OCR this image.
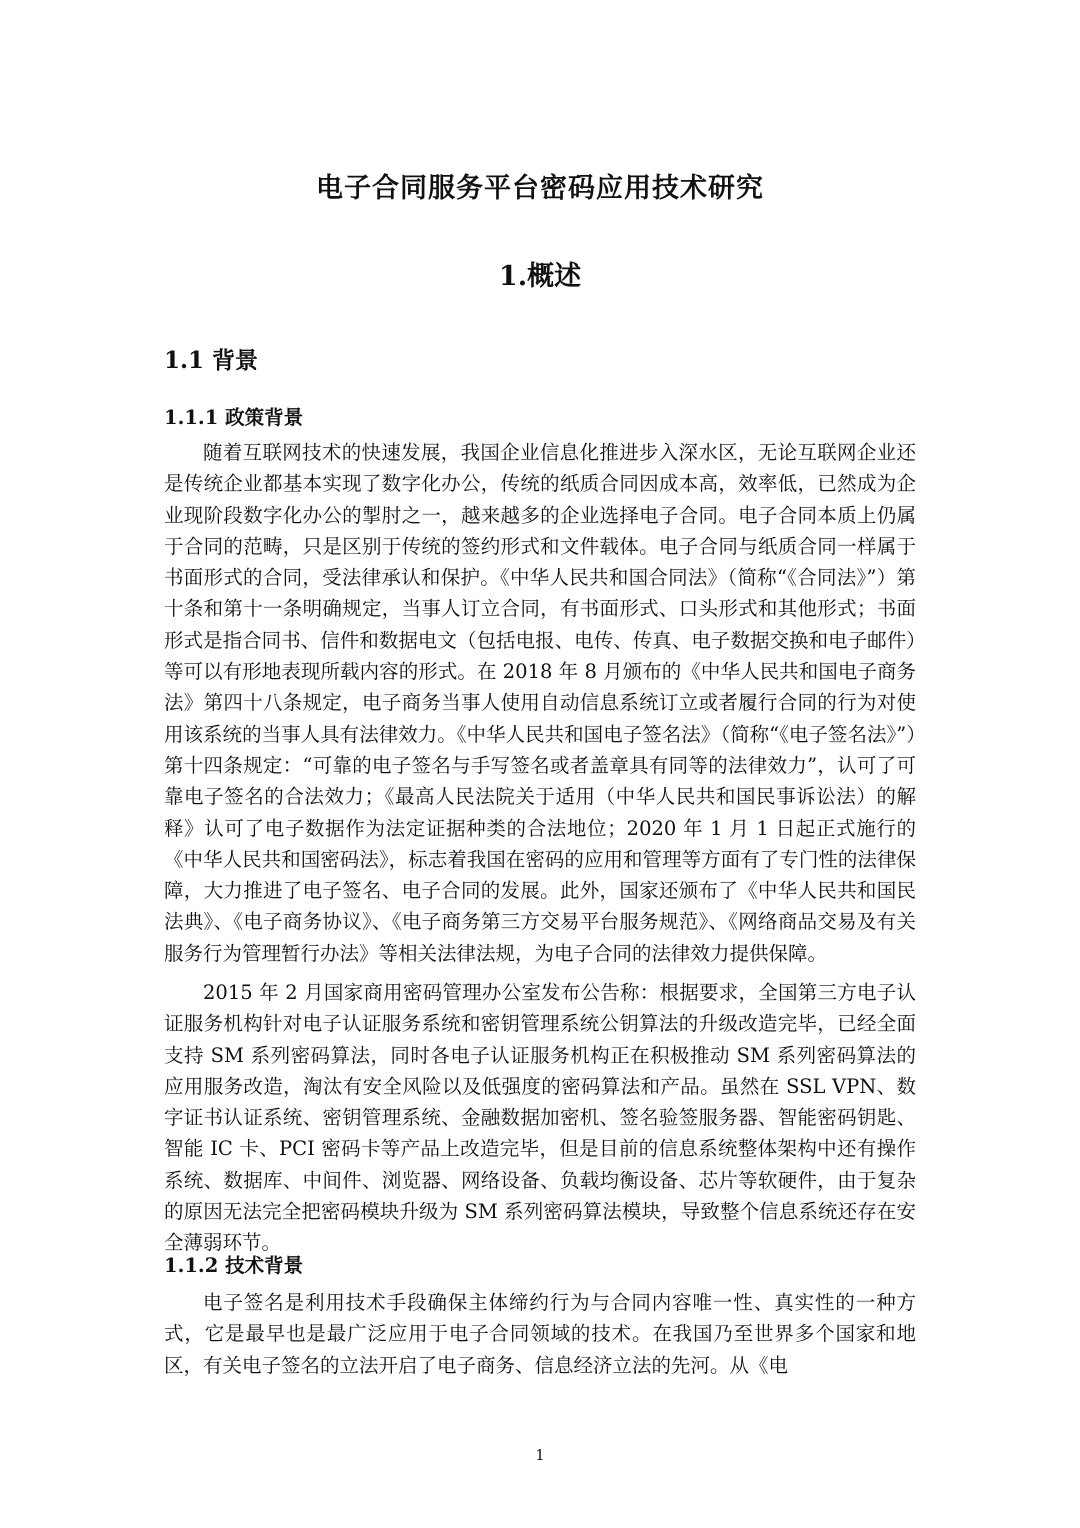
电子合同服务平台密码应用技术研究
1.概述
1.1 背景
1.1.1 政策背景

随着互联网技术的快速发展，我国企业信息化推进步入深水区，无论互联网企业还是传统企业都基本实现了数字化办公，传统的纸质合同因成本高，效率低，已然成为企业现阶段数字化办公的掣肘之一，越来越多的企业选择电子合同。电子合同本质上仍属于合同的范畴，只是区别于传统的签约形式和文件载体。电子合同与纸质合同一样属于书面形式的合同，受法律承认和保护。《中华人民共和国合同法》（简称“《合同法》”）第十条和第十一条明确规定，当事人订立合同，有书面形式、口头形式和其他形式；书面形式是指合同书、信件和数据电文（包括电报、电传、传真、电子数据交换和电子邮件）等可以有形地表现所载内容的形式。在 2018 年 8 月颁布的《中华人民共和国电子商务法》第四十八条规定，电子商务当事人使用自动信息系统订立或者履行合同的行为对使用该系统的当事人具有法律效力。《中华人民共和国电子签名法》（简称“《电子签名法》”）第十四条规定：“可靠的电子签名与手写签名或者盖章具有同等的法律效力”，认可了可靠电子签名的合法效力；《最高人民法院关于适用（中华人民共和国民事诉讼法）的解释》认可了电子数据作为法定证据种类的合法地位；2020 年 1 月 1 日起正式施行的《中华人民共和国密码法》，标志着我国在密码的应用和管理等方面有了专门性的法律保障，大力推进了电子签名、电子合同的发展。此外，国家还颁布了《中华人民共和国民法典》、《电子商务协议》、《电子商务第三方交易平台服务规范》、《网络商品交易及有关服务行为管理暂行办法》等相关法律法规，为电子合同的法律效力提供保障。

2015 年 2 月国家商用密码管理办公室发布公告称：根据要求，全国第三方电子认证服务机构针对电子认证服务系统和密钥管理系统公钥算法的升级改造完毕，已经全面支持 SM 系列密码算法，同时各电子认证服务机构正在积极推动 SM 系列密码算法的应用服务改造，淘汰有安全风险以及低强度的密码算法和产品。虽然在 SSL VPN、数字证书认证系统、密钥管理系统、金融数据加密机、签名验签服务器、智能密码钥匙、智能 IC 卡、PCI 密码卡等产品上改造完毕，但是目前的信息系统整体架构中还有操作系统、数据库、中间件、浏览器、网络设备、负载均衡设备、芯片等软硬件，由于复杂的原因无法完全把密码模块升级为 SM 系列密码算法模块，导致整个信息系统还存在安全薄弱环节。

1.1.2 技术背景

电子签名是利用技术手段确保主体缔约行为与合同内容唯一性、真实性的一种方式，它是最早也是最广泛应用于电子合同领域的技术。在我国乃至世界多个国家和地区，有关电子签名的立法开启了电子商务、信息经济立法的先河。从《电

1
